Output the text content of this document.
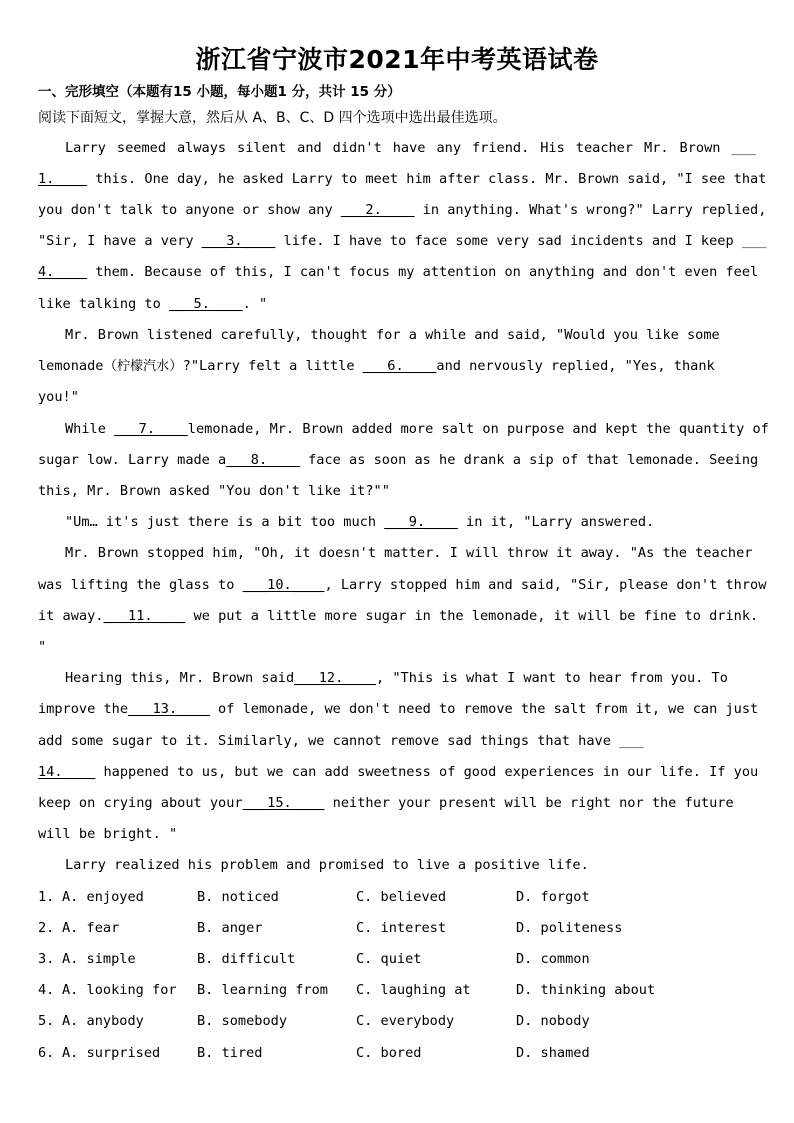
浙江省宁波市2021年中考英语试卷
一、完形填空（本题有15 小题，每小题1 分，共计 15 分）
阅读下面短文，掌握大意，然后从 A、B、C、D 四个选项中选出最佳选项。
Larry seemed always silent and didn't have any friend. His teacher Mr. Brown ___
1.____ this. One day, he asked Larry to meet him after class. Mr. Brown said, "I see that
you don't talk to anyone or show any ___2.____ in anything. What's wrong?" Larry replied,
"Sir, I have a very ___3.____ life. I have to face some very sad incidents and I keep ___
4.____ them. Because of this, I can't focus my attention on anything and don't even feel
like talking to ___5.____. "
Mr. Brown listened carefully, thought for a while and said, "Would you like some
lemonade（柠檬汽水）?"Larry felt a little ___6.____and nervously replied, "Yes, thank
you!"
While ___7.____lemonade, Mr. Brown added more salt on purpose and kept the quantity of
sugar low. Larry made a___8.____ face as soon as he drank a sip of that lemonade. Seeing
this, Mr. Brown asked "You don't like it?""
"Um… it's just there is a bit too much ___9.____ in it, "Larry answered.
Mr. Brown stopped him, "Oh, it doesn't matter. I will throw it away. "As the teacher
was lifting the glass to ___10.____, Larry stopped him and said, "Sir, please don't throw
it away.___11.____ we put a little more sugar in the lemonade, it will be fine to drink.
"
Hearing this, Mr. Brown said___12.____, "This is what I want to hear from you. To
improve the___13.____ of lemonade, we don't need to remove the salt from it, we can just
add some sugar to it. Similarly, we cannot remove sad things that have ___
14.____ happened to us, but we can add sweetness of good experiences in our life. If you
keep on crying about your___15.____ neither your present will be right nor the future
will be bright. "
Larry realized his problem and promised to live a positive life.
1. A. enjoyed	B. noticed	C. believed	D. forgot
2. A. fear	B. anger	C. interest	D. politeness
3. A. simple	B. difficult	C. quiet	D. common
4. A. looking for B. learning from C. laughing at	D. thinking about
5. A. anybody	B. somebody	C. everybody	D. nobody
6. A. surprised	B. tired	C. bored	D. shamed
